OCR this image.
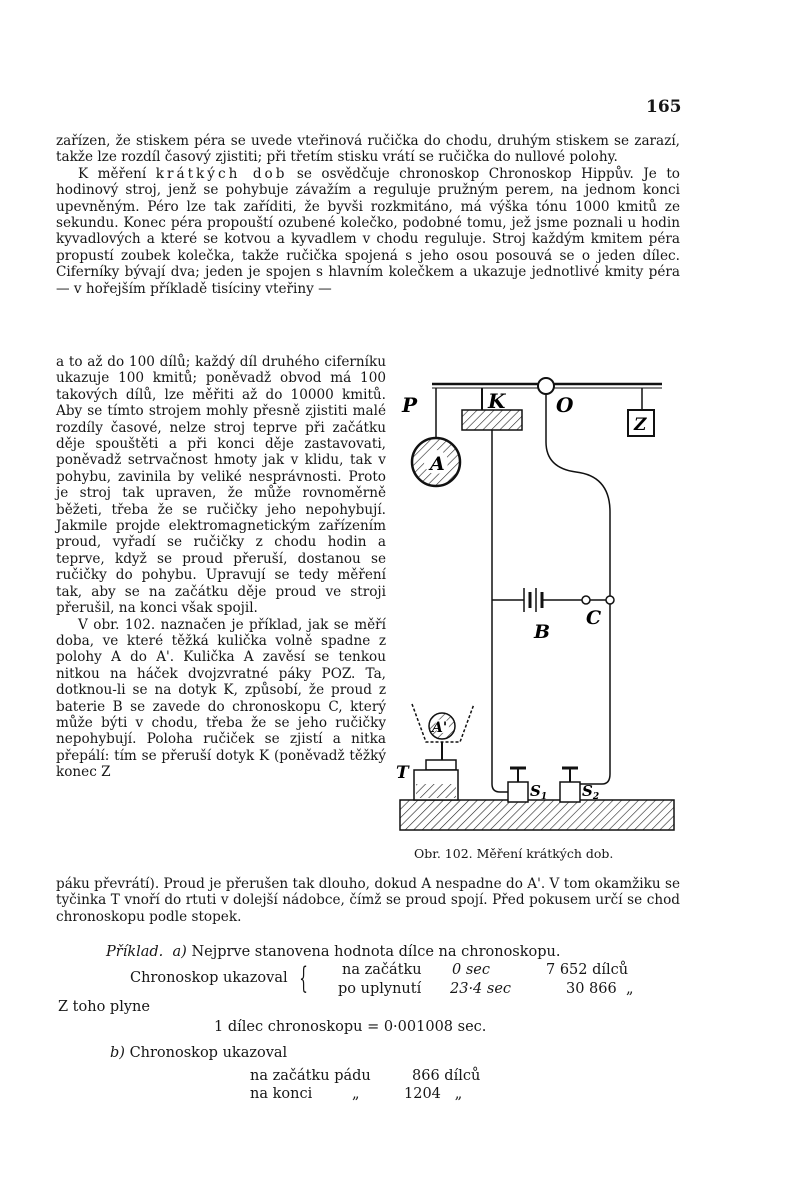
165

zařízen, že stiskem péra se uvede vteřinová ručička do chodu, druhým stiskem se zarazí, takže lze rozdíl časový zjistiti; při třetím stisku vrátí se ručička do nullové polohy.

K měření krátkých dob se osvědčuje chronoskop Chronoskop Hippův. Je to hodinový stroj, jenž se pohybuje závažím a reguluje pružným perem, na jednom konci upevněným. Péro lze tak zaříditi, že byvši rozkmitáno, má výška tónu 1000 kmitů ze sekundu. Konec péra propouští ozubené kolečko, podobné tomu, jež jsme poznali u hodin kyvadlových a které se kotvou a kyvadlem v chodu reguluje. Stroj každým kmitem péra propustí zoubek kolečka, takže ručička spojená s jeho osou posouvá se o jeden dílec. Ciferníky bývají dva; jeden je spojen s hlavním kolečkem a ukazuje jednotlivé kmity péra — v hořejším příkladě tisíciny vteřiny —

a to až do 100 dílů; každý díl druhého ciferníku ukazuje 100 kmitů; poněvadž obvod má 100 takových dílů, lze měřiti až do 10000 kmitů. Aby se tímto strojem mohly přesně zjistiti malé rozdíly časové, nelze stroj teprve při začátku děje spouštěti a při konci děje zastavovati, poněvadž setrvačnost hmoty jak v klidu, tak v pohybu, zavinila by veliké nesprávnosti. Proto je stroj tak upraven, že může rovnoměrně běžeti, třeba že se ručičky jeho nepohybují. Jakmile projde elektromagnetickým zařízením proud, vyřadí se ručičky z chodu hodin a teprve, když se proud přeruší, dostanou se ručičky do pohybu. Upravují se tedy měření tak, aby se na začátku děje proud ve stroji přerušil, na konci však spojil.

V obr. 102. naznačen je příklad, jak se měří doba, ve které těžká kulička volně spadne z polohy A do A'. Kulička A zavěsí se tenkou nitkou na háček dvojzvratné páky POZ. Ta, dotknou-li se na dotyk K, způsobí, že proud z baterie B se zavede do chronoskopu C, který může býti v chodu, třeba že se jeho ručičky nepohybují. Poloha ručiček se zjistí a nitka přepálí: tím se přeruší dotyk K (poněvadž těžký konec Z

P	K	O
Z
A
A'
B
C
T
$S_1$ $S_2$
Obr. 102. Měření krátkých dob.
páku převrátí). Proud je přerušen tak dlouho, dokud A nespadne do A'. V tom okamžiku se tyčinka T vnoří do rtuti v dolejší nádobce, čímž se proud spojí. Před pokusem určí se chod chronoskopu podle stopek.
Příklad. a) Nejprve stanovena hodnota dílce na chronoskopu.
Chronoskop ukazoval {	na začátku 0 sec	7 652 dílců
po uplynutí 23·4 sec	30 866 „
Z toho plyne
1 dílec chronoskopu = 0·001008 sec.
b) Chronoskop ukazoval
na začátku pádu	866 dílců
na konci	„	1204 „
